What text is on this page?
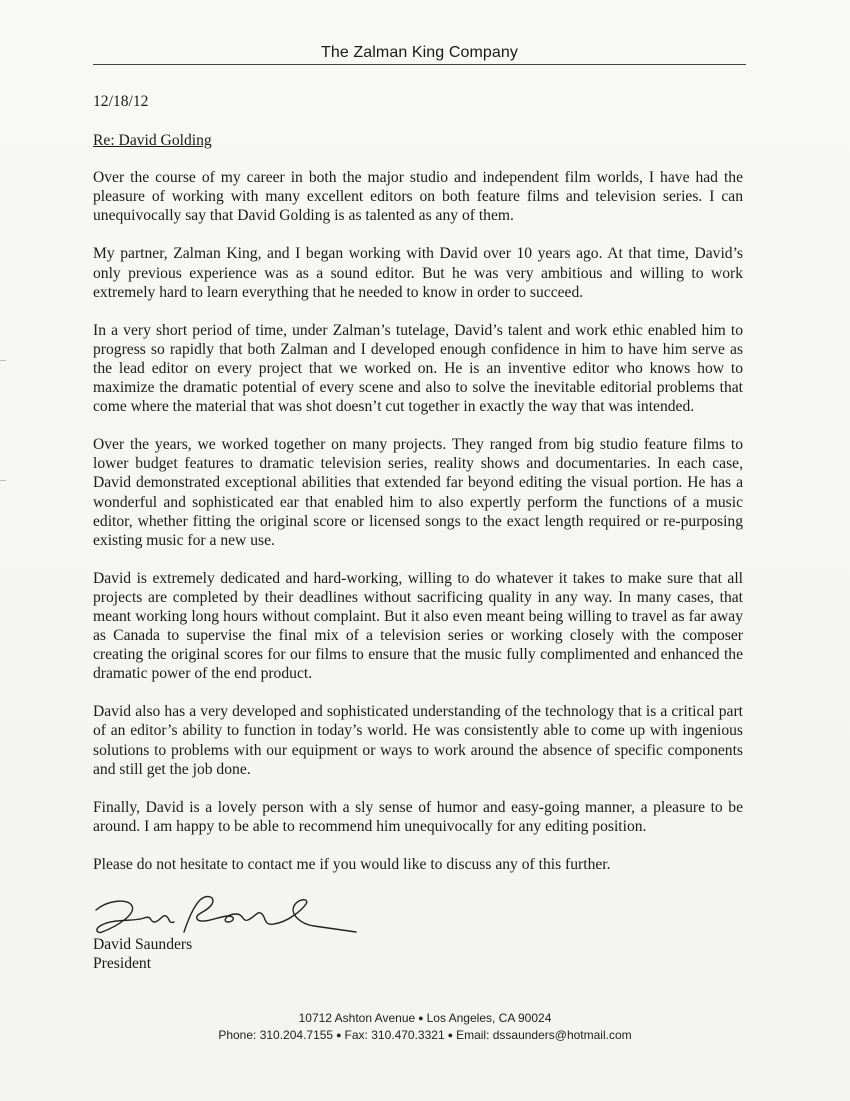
The Zalman King Company

12/18/12

Re: David Golding

Over the course of my career in both the major studio and independent film worlds, I have had the pleasure of working with many excellent editors on both feature films and television series. I can unequivocally say that David Golding is as talented as any of them.

My partner, Zalman King, and I began working with David over 10 years ago. At that time, David’s only previous experience was as a sound editor. But he was very ambitious and willing to work extremely hard to learn everything that he needed to know in order to succeed.

In a very short period of time, under Zalman’s tutelage, David’s talent and work ethic enabled him to progress so rapidly that both Zalman and I developed enough confidence in him to have him serve as the lead editor on every project that we worked on. He is an inventive editor who knows how to maximize the dramatic potential of every scene and also to solve the inevitable editorial problems that come where the material that was shot doesn’t cut together in exactly the way that was intended.

Over the years, we worked together on many projects. They ranged from big studio feature films to lower budget features to dramatic television series, reality shows and documentaries. In each case, David demonstrated exceptional abilities that extended far beyond editing the visual portion. He has a wonderful and sophisticated ear that enabled him to also expertly perform the functions of a music editor, whether fitting the original score or licensed songs to the exact length required or re-purposing existing music for a new use.

David is extremely dedicated and hard-working, willing to do whatever it takes to make sure that all projects are completed by their deadlines without sacrificing quality in any way. In many cases, that meant working long hours without complaint. But it also even meant being willing to travel as far away as Canada to supervise the final mix of a television series or working closely with the composer creating the original scores for our films to ensure that the music fully complimented and enhanced the dramatic power of the end product.

David also has a very developed and sophisticated understanding of the technology that is a critical part of an editor’s ability to function in today’s world. He was consistently able to come up with ingenious solutions to problems with our equipment or ways to work around the absence of specific components and still get the job done.

Finally, David is a lovely person with a sly sense of humor and easy-going manner, a pleasure to be around. I am happy to be able to recommend him unequivocally for any editing position.

Please do not hesitate to contact me if you would like to discuss any of this further.

David Saunders
President
10712 Ashton Avenue ● Los Angeles, CA 90024
Phone: 310.204.7155 ● Fax: 310.470.3321 ● Email: dssaunders@hotmail.com
